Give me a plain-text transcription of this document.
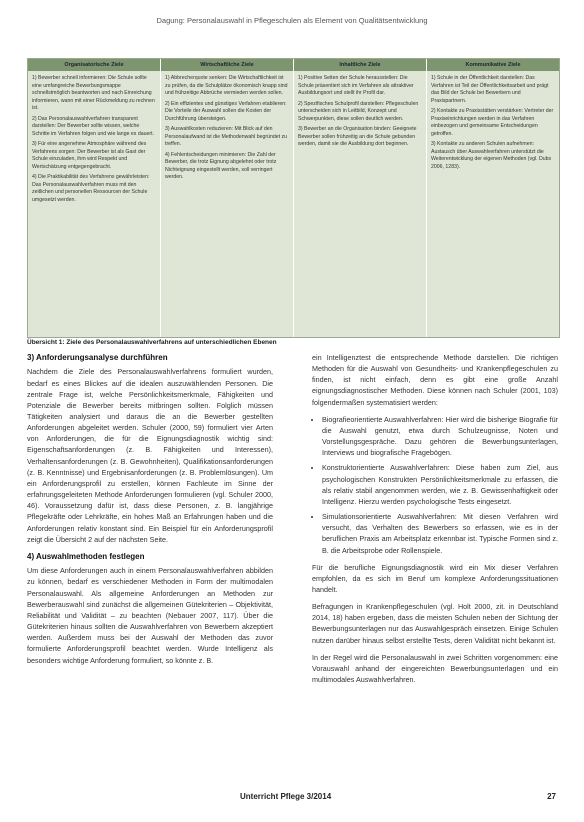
Dagung: Personalauswahl in Pflegeschulen als Element von Qualitätsentwicklung
Organisatorische Ziele

1) Bewerber schnell informieren: Die Schule sollte eine umfangreiche Bewerbungsmappe schnellstmöglich beantworten und nach Einreichung informieren, wann mit einer Rückmeldung zu rechnen ist.

2) Das Personalauswahlverfahren transparent darstellen: Der Bewerber sollte wissen, welche Schritte im Verfahren folgen und wie lange es dauert.

3) Für eine angenehme Atmosphäre während des Verfahrens sorgen: Der Bewerber ist als Gast der Schule einzuladen, ihm wird Respekt und Wertschätzung entgegengebracht.

4) Die Praktikabilität des Verfahrens gewährleisten: Das Personalauswahlverfahren muss mit den zeitlichen und personellen Ressourcen der Schule umgesetzt werden.

Wirtschaftliche Ziele

1) Abbrecherquote senken: Die Wirtschaftlichkeit ist zu prüfen, da die Schulplätze ökonomisch knapp sind und frühzeitige Abbrüche vermieden werden sollen.

2) Ein effizientes und günstiges Verfahren etablieren: Die Vorteile der Auswahl sollen die Kosten der Durchführung übersteigen.

3) Auswahlkosten reduzieren: Mit Blick auf den Personalaufwand ist die Methodenwahl begründet zu treffen.

4) Fehlentscheidungen minimieren: Die Zahl der Bewerber, die trotz Eignung abgelehnt oder trotz Nichteignung eingestellt werden, soll verringert werden.

Inhaltliche Ziele

1) Positive Seiten der Schule herausstellen: Die Schule präsentiert sich im Verfahren als attraktiver Ausbildungsort und stellt ihr Profil dar.

2) Spezifisches Schulprofil darstellen: Pflegeschulen unterscheiden sich in Leitbild, Konzept und Schwerpunkten, diese sollen deutlich werden.

3) Bewerber an die Organisation binden: Geeignete Bewerber sollen frühzeitig an die Schule gebunden werden, damit sie die Ausbildung dort beginnen.

Kommunikative Ziele

1) Schule in der Öffentlichkeit darstellen: Das Verfahren ist Teil der Öffentlichkeitsarbeit und prägt das Bild der Schule bei Bewerbern und Praxispartnern.

2) Kontakte zu Praxisstätten verstärken: Vertreter der Praxiseinrichtungen werden in das Verfahren einbezogen und gemeinsame Entscheidungen getroffen.

3) Kontakte zu anderen Schulen aufnehmen: Austausch über Auswahlverfahren unterstützt die Weiterentwicklung der eigenen Methoden (vgl. Dubs 2006, 1283).

Übersicht 1: Ziele des Personalauswahlverfahrens auf unterschiedlichen Ebenen
3) Anforderungsanalyse durchführen

Nachdem die Ziele des Personalauswahlverfahrens formuliert wurden, bedarf es eines Blickes auf die idealen auszuwählenden Personen. Die zentrale Frage ist, welche Persönlichkeitsmerkmale, Fähigkeiten und Potenziale die Bewerber bereits mitbringen sollten. Folglich müssen Tätigkeiten analysiert und daraus die an die Bewerber gestellten Anforderungen abgeleitet werden. Schuler (2000, 59) formuliert vier Arten von Anforderungen, die für die Eignungsdiagnostik wichtig sind: Eigenschaftsanforderungen (z. B. Fähigkeiten und Interessen), Verhaltensanforderungen (z. B. Gewohnheiten), Qualifikationsanforderungen (z. B. Kenntnisse) und Ergebnisanforderungen (z. B. Problemlösungen). Um ein Anforderungsprofil zu erstellen, können Fachleute im Sinne der erfahrungsgeleiteten Methode Anforderungen formulieren (vgl. Schuler 2000, 46). Voraussetzung dafür ist, dass diese Personen, z. B. langjährige Pflegekräfte oder Lehrkräfte, ein hohes Maß an Erfahrungen haben und die Anforderungen relativ konstant sind. Ein Beispiel für ein Anforderungsprofil zeigt die Übersicht 2 auf der nächsten Seite.

4) Auswahlmethoden festlegen

Um diese Anforderungen auch in einem Personalauswahlverfahren abbilden zu können, bedarf es verschiedener Methoden in Form der multimodalen Personalauswahl. Als allgemeine Anforderungen an Methoden zur Bewerberauswahl sind zunächst die allgemeinen Gütekriterien – Objektivität, Reliabilität und Validität – zu beachten (Nebauer 2007, 117). Über die Gütekriterien hinaus sollten die Auswahlverfahren von Bewerbern akzeptiert werden. Außerdem muss bei der Auswahl der Methoden das zuvor formulierte Anforderungsprofil beachtet werden. Wurde Intelligenz als besonders wichtige Anforderung formuliert, so könnte z. B.

ein Intelligenztest die entsprechende Methode darstellen. Die richtigen Methoden für die Auswahl von Gesundheits- und Krankenpflegeschulen zu finden, ist nicht einfach, denn es gibt eine große Anzahl eignungsdiagnostischer Methoden. Diese können nach Schuler (2001, 103) folgendermaßen systematisiert werden:

• Biografieorientierte Auswahlverfahren: Hier wird die bisherige Biografie für die Auswahl genutzt, etwa durch Schulzeugnisse, Noten und Vorstellungsgespräche. Dazu gehören die Bewerbungsunterlagen, Interviews und biografische Fragebögen.
• Konstruktorientierte Auswahlverfahren: Diese haben zum Ziel, aus psychologischen Konstrukten Persönlichkeitsmerkmale zu erfassen, die als relativ stabil angenommen werden, wie z. B. Gewissenhaftigkeit oder Intelligenz. Hierzu werden psychologische Tests eingesetzt.
• Simulationsorientierte Auswahlverfahren: Mit diesen Verfahren wird versucht, das Verhalten des Bewerbers so erfassen, wie es in der beruflichen Praxis am Arbeitsplatz erkennbar ist. Typische Formen sind z. B. die Arbeitsprobe oder Rollenspiele.

Für die berufliche Eignungsdiagnostik wird ein Mix dieser Verfahren empfohlen, da es sich im Beruf um komplexe Anforderungssituationen handelt.

Befragungen in Krankenpflegeschulen (vgl. Holt 2000, zit. in Deutschland 2014, 18) haben ergeben, dass die meisten Schulen neben der Sichtung der Bewerbungsunterlagen nur das Auswahlgespräch einsetzen. Einige Schulen nutzen darüber hinaus selbst erstellte Tests, deren Validität nicht bekannt ist.

In der Regel wird die Personalauswahl in zwei Schritten vorgenommen: eine Vorauswahl anhand der eingereichten Bewerbungsunterlagen und ein multimodales Auswahlverfahren.

Unterricht Pflege 3/2014	27
